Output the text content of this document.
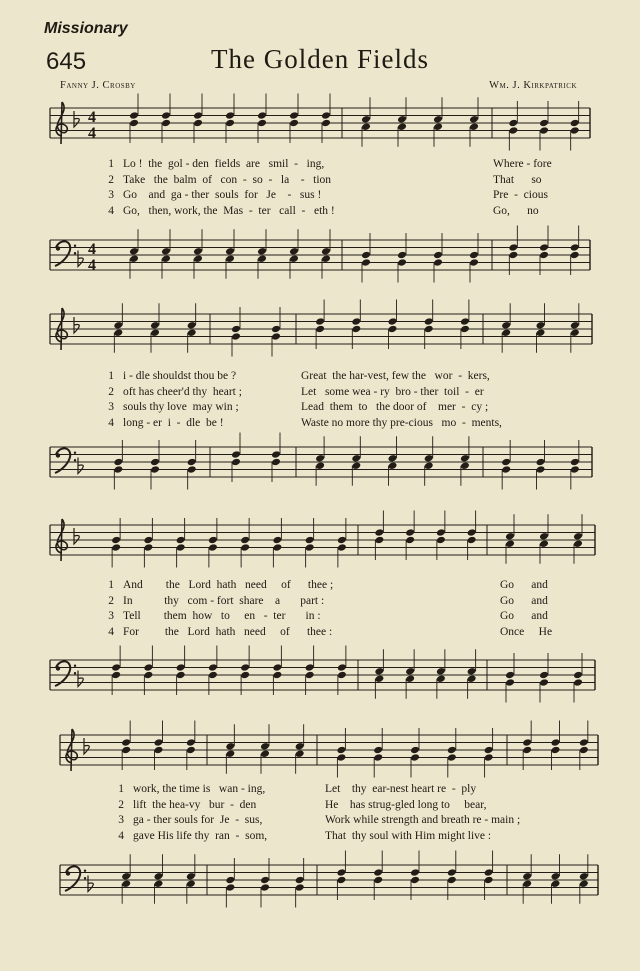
Missionary
645	The Golden Fields
Fanny J. Crosby	Wm. J. Kirkpatrick
4
4
4
4
1 Lo !  the  gol - den  fields  are   smil  -   ing,	Where - fore
2 Take   the  balm  of   con  -  so  -   la    -   tion	That      so
3 Go    and  ga - ther  souls  for   Je    -   sus !	Pre  -  cious
4 Go,   then, work, the  Mas  -  ter   call  -   eth !	Go,      no
1 i - dle shouldst thou be ?	Great  the har-vest, few the   wor  -  kers,
2 oft has cheer'd thy  heart ;	Let   some wea - ry  bro - ther  toil  -  er
3 souls thy love  may win ;	Lead  them  to   the door of    mer  -  cy ;
4 long - er  i  -  dle  be !	Waste no more thy pre-cious   mo  -  ments,
1 And        the   Lord  hath   need     of      thee ;	Go      and
2 In           thy   com - fort  share    a       part :	Go      and
3 Tell        them  how   to     en   -  ter       in :	Go      and
4 For         the   Lord  hath   need     of      thee :	Once     He
1 work, the time is   wan - ing,	Let    thy  ear-nest heart re  -  ply
2 lift  the hea-vy   bur  -  den	He    has strug-gled long to     bear,
3 ga - ther souls for  Je  -  sus,	Work while strength and breath re - main ;
4 gave His life thy  ran  -  som,	That  thy soul with Him might live :
